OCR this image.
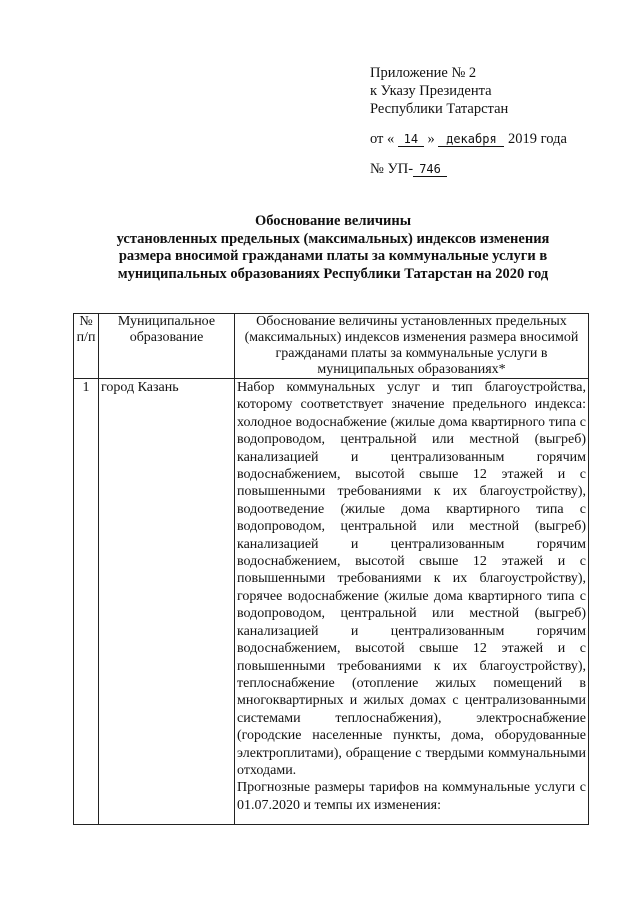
Приложение № 2
к Указу Президента
Республики Татарстан
от « 14 » декабря 2019 года
№ УП- 746
Обоснование величины
установленных предельных (максимальных) индексов изменения
размера вносимой гражданами платы за коммунальные услуги в
муниципальных образованиях Республики Татарстан на 2020 год
№ п/п	Муниципальное образование	Обоснование величины установленных предельных (максимальных) индексов изменения размера вносимой гражданами платы за коммунальные услуги в муниципальных образованиях*
1	город Казань	Набор коммунальных услуг и тип благоустройства, которому соответствует значение предельного индекса: холодное водоснабжение (жилые дома квартирного типа с водопроводом, центральной или местной (выгреб) канализацией и централизованным горячим водоснабжением, высотой свыше 12 этажей и с повышенными требованиями к их благоустройству), водоотведение (жилые дома квартирного типа с водопроводом, центральной или местной (выгреб) канализацией и централизованным горячим водоснабжением, высотой свыше 12 этажей и с повышенными требованиями к их благоустройству), горячее водоснабжение (жилые дома квартирного типа с водопроводом, центральной или местной (выгреб) канализацией и централизованным горячим водоснабжением, высотой свыше 12 этажей и с повышенными требованиями к их благоустройству), теплоснабжение (отопление жилых помещений в многоквартирных и жилых домах с централизованными системами теплоснабжения), электроснабжение (городские населенные пункты, дома, оборудованные электроплитами), обращение с твердыми коммунальными отходами.

Прогнозные размеры тарифов на коммунальные услуги с 01.07.2020 и темпы их изменения:
